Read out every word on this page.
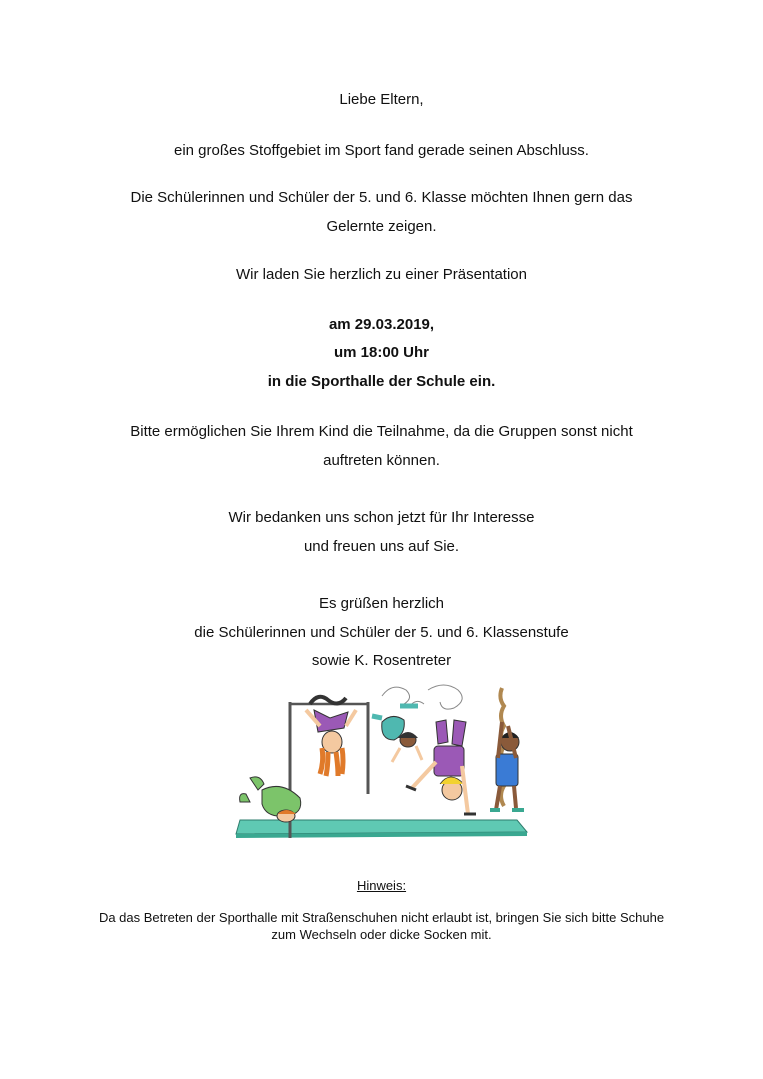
Liebe Eltern,
ein großes Stoffgebiet im Sport fand gerade seinen Abschluss.
Die Schülerinnen und Schüler der 5. und 6. Klasse möchten Ihnen gern das
Gelernte zeigen.
Wir laden Sie herzlich zu einer Präsentation
am 29.03.2019,
um 18:00 Uhr
in die Sporthalle der Schule ein.
Bitte ermöglichen Sie Ihrem Kind die Teilnahme, da die Gruppen sonst nicht
auftreten können.
Wir bedanken uns schon jetzt für Ihr Interesse
und freuen uns auf Sie.
Es grüßen herzlich
die Schülerinnen und Schüler der 5. und 6. Klassenstufe
sowie K. Rosentreter
Hinweis:
Da das Betreten der Sporthalle mit Straßenschuhen nicht erlaubt ist, bringen Sie sich bitte Schuhe
zum Wechseln oder dicke Socken mit.
